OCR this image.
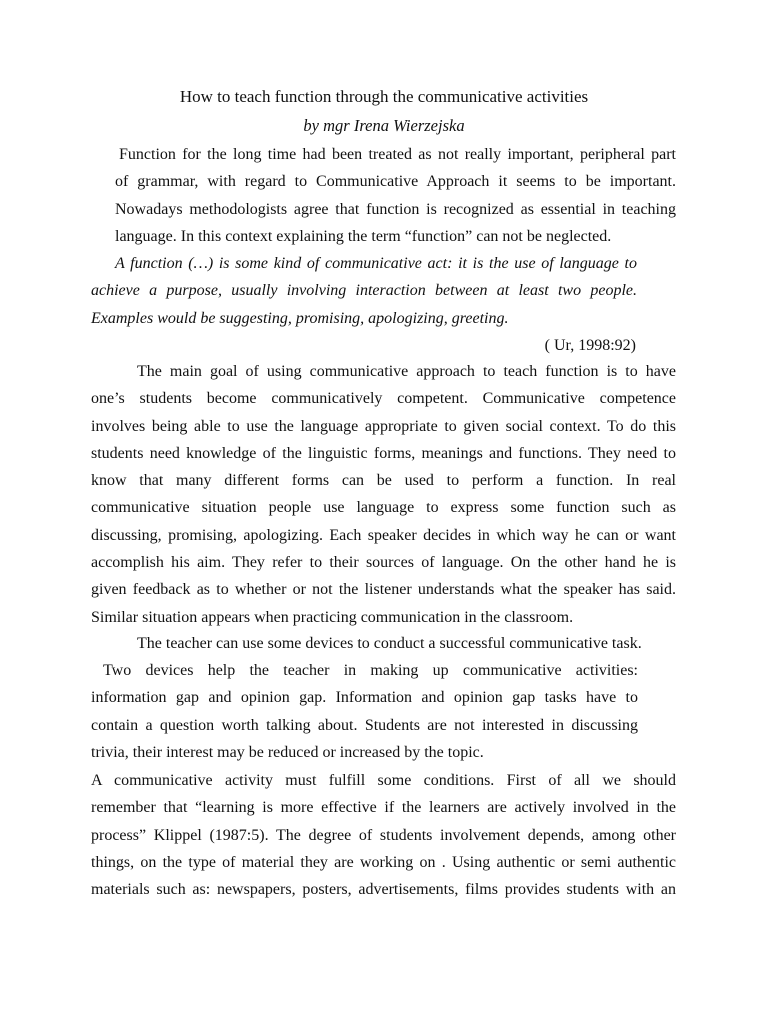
How to teach function through the communicative activities
by mgr Irena Wierzejska
Function for the long time had been treated as not really important, peripheral part
of grammar, with regard to Communicative Approach it seems to be important.
Nowadays methodologists agree that function is recognized as essential in teaching
language. In this context explaining the term “function” can not be neglected.
A function (…) is some kind of communicative act: it is the use of language to
achieve a purpose, usually involving interaction between at least two people.
Examples would be suggesting, promising, apologizing, greeting.
( Ur, 1998:92)
The main goal of using communicative approach to teach function is to have
one’s students become communicatively competent. Communicative competence
involves being able to use the language appropriate to given social context. To do this
students need knowledge of the linguistic forms, meanings and functions. They need to
know that many different forms can be used to perform a function. In real
communicative situation people use language to express some function such as
discussing, promising, apologizing. Each speaker decides in which way he can or want
accomplish his aim. They refer to their sources of language. On the other hand he is
given feedback as to whether or not the listener understands what the speaker has said.
Similar situation appears when practicing communication in the classroom.
The teacher can use some devices to conduct a successful communicative task.
Two devices help the teacher in making up communicative activities:
information gap and opinion gap. Information and opinion gap tasks have to
contain a question worth talking about. Students are not interested in discussing
trivia, their interest may be reduced or increased by the topic.
A communicative activity must fulfill some conditions. First of all we should
remember that “learning is more effective if the learners are actively involved in the
process” Klippel (1987:5). The degree of students involvement depends, among other
things, on the type of material they are working on . Using authentic or semi authentic
materials such as: newspapers, posters, advertisements, films provides students with an
